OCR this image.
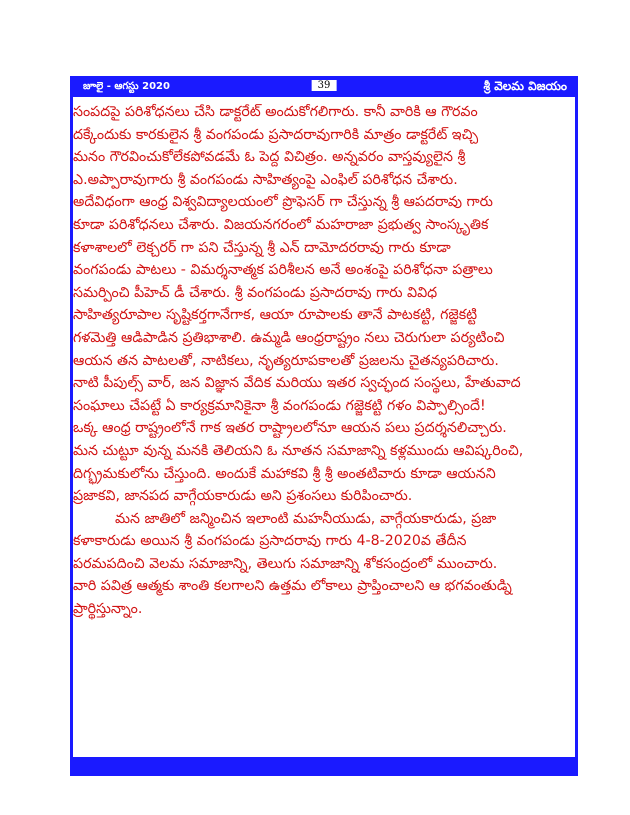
జూలై - ఆగస్టు 2020	39	శ్రీ వెలమ విజయం
సంపదపై పరిశోధనలు చేసి డాక్టరేట్ అందుకోగలిగారు. కానీ వారికి ఆ గౌరవం
దక్కేందుకు కారకులైన శ్రీ వంగపండు ప్రసాదరావుగారికి మాత్రం డాక్టరేట్ ఇచ్చి
మనం గౌరవించుకోలేకపోవడమే ఓ పెద్ద విచిత్రం. అన్నవరం వాస్తవ్యులైన శ్రీ
ఎ.అప్పారావుగారు శ్రీ వంగపండు సాహిత్యంపై ఎంఫిల్ పరిశోధన చేశారు.
అదేవిధంగా ఆంధ్ర విశ్వవిద్యాలయంలో ప్రొఫెసర్ గా చేస్తున్న శ్రీ ఆపదరావు గారు
కూడా పరిశోధనలు చేశారు. విజయనగరంలో మహరాజా ప్రభుత్వ సాంస్కృతిక
కళాశాలలో లెక్చరర్ గా పని చేస్తున్న శ్రీ ఎన్ దామోదరరావు గారు కూడా
వంగపండు పాటలు - విమర్శనాత్మక పరిశీలన అనే అంశంపై పరిశోధనా పత్రాలు
సమర్పించి పీహెచ్ డీ చేశారు. శ్రీ వంగపండు ప్రసాదరావు గారు వివిధ
సాహిత్యరూపాల సృష్టికర్తగానేగాక, ఆయా రూపాలకు తానే పాటకట్టి, గజ్జెకట్టి
గళమెత్తి ఆడిపాడిన ప్రతిభాశాలి. ఉమ్మడి ఆంధ్రరాష్ట్రం నలు చెరుగులా పర్యటించి
ఆయన తన పాటలతో, నాటికలు, నృత్యరూపకాలతో ప్రజలను చైతన్యపరిచారు.
నాటి పీపుల్స్ వార్, జన విజ్ఞాన వేదిక మరియు ఇతర స్వచ్ఛంద సంస్థలు, హేతువాద
సంఘాలు చేపట్టే ఏ కార్యక్రమానికైనా శ్రీ వంగపండు గజ్జెకట్టి గళం విప్పాల్సిందే!
ఒక్క ఆంధ్ర రాష్ట్రంలోనే గాక ఇతర రాష్ట్రాలలోనూ ఆయన పలు ప్రదర్శనలిచ్చారు.
మన చుట్టూ వున్న మనకి తెలియని ఓ నూతన సమాజాన్ని కళ్లముందు ఆవిష్కరించి,
దిగ్భ్రమకులోను చేస్తుంది. అందుకే మహాకవి శ్రీ శ్రీ అంతటివారు కూడా ఆయనని
ప్రజాకవి, జానపద వాగ్గేయకారుడు అని ప్రశంసలు కురిపించారు.
మన జాతిలో జన్మించిన ఇలాంటి మహనీయుడు, వాగ్గేయకారుడు, ప్రజా
కళాకారుడు అయిన శ్రీ వంగపండు ప్రసాదరావు గారు 4-8-2020వ తేదీన
పరమపదించి వెలమ సమాజాన్ని, తెలుగు సమాజాన్ని శోకసంద్రంలో ముంచారు.
వారి పవిత్ర ఆత్మకు శాంతి కలగాలని ఉత్తమ లోకాలు ప్రాప్తించాలని ఆ భగవంతుడ్ని
ప్రార్థిస్తున్నాం.
